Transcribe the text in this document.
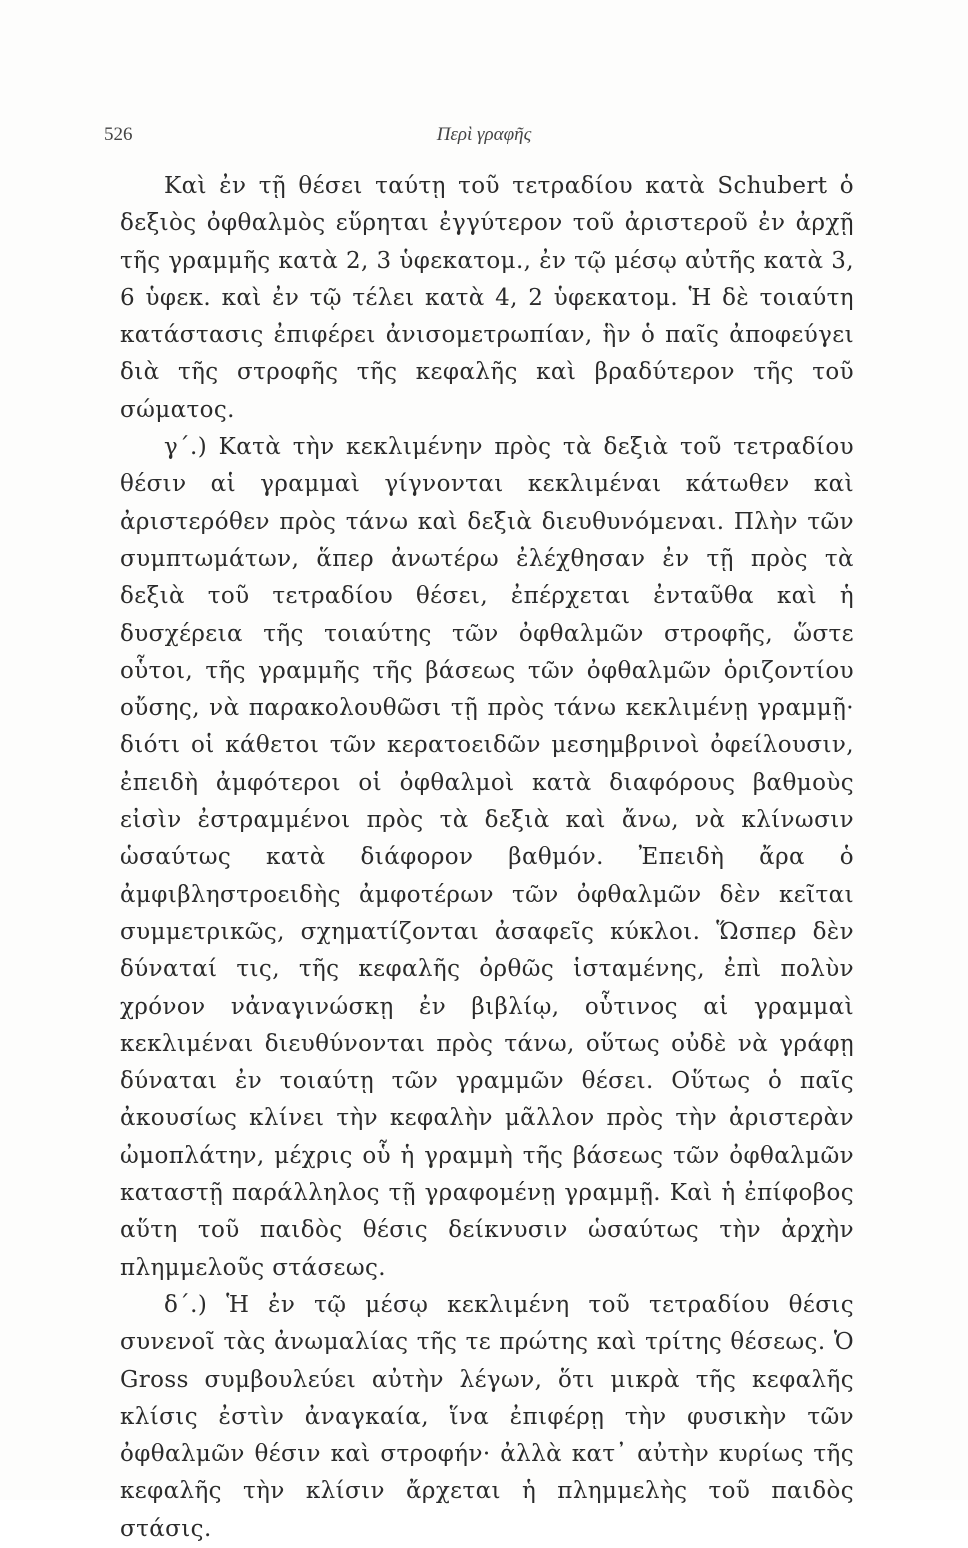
526	Περὶ γραφῆς

Καὶ ἐν τῇ θέσει ταύτῃ τοῦ τετραδίου κατὰ Schubert ὁ δεξιὸς ὀφθαλμὸς εὕρηται ἐγγύτερον τοῦ ἀριστεροῦ ἐν ἀρχῇ τῆς γραμμῆς κατὰ 2, 3 ὑφεκατομ., ἐν τῷ μέσῳ αὐτῆς κατὰ 3, 6 ὑφεκ. καὶ ἐν τῷ τέλει κατὰ 4, 2 ὑφεκατομ. Ἡ δὲ τοιαύτη κατάστασις ἐπιφέρει ἀνισομετρωπίαν, ἣν ὁ παῖς ἀποφεύγει διὰ τῆς στροφῆς τῆς κεφαλῆς καὶ βραδύτερον τῆς τοῦ σώματος.

γ΄.) Κατὰ τὴν κεκλιμένην πρὸς τὰ δεξιὰ τοῦ τετραδίου θέσιν αἱ γραμμαὶ γίγνονται κεκλιμέναι κάτωθεν καὶ ἀριστερόθεν πρὸς τάνω καὶ δεξιὰ διευθυνόμεναι. Πλὴν τῶν συμπτωμάτων, ἅπερ ἀνωτέρω ἐλέχθησαν ἐν τῇ πρὸς τὰ δεξιὰ τοῦ τετραδίου θέσει, ἐπέρχεται ἐνταῦθα καὶ ἡ δυσχέρεια τῆς τοιαύτης τῶν ὀφθαλμῶν στροφῆς, ὥστε οὗτοι, τῆς γραμμῆς τῆς βάσεως τῶν ὀφθαλμῶν ὁριζοντίου οὔσης, νὰ παρακολουθῶσι τῇ πρὸς τάνω κεκλιμένῃ γραμμῇ· διότι οἱ κάθετοι τῶν κερατοειδῶν μεσημβρινοὶ ὀφείλουσιν, ἐπειδὴ ἀμφότεροι οἱ ὀφθαλμοὶ κατὰ διαφόρους βαθμοὺς εἰσὶν ἐστραμμένοι πρὸς τὰ δεξιὰ καὶ ἄνω, νὰ κλίνωσιν ὡσαύτως κατὰ διάφορον βαθμόν. Ἐπειδὴ ἄρα ὁ ἀμφιβληστροειδὴς ἀμφοτέρων τῶν ὀφθαλμῶν δὲν κεῖται συμμετρικῶς, σχηματίζονται ἀσαφεῖς κύκλοι. Ὥσπερ δὲν δύναταί τις, τῆς κεφαλῆς ὀρθῶς ἱσταμένης, ἐπὶ πολὺν χρόνον νἀναγινώσκῃ ἐν βιβλίῳ, οὗτινος αἱ γραμμαὶ κεκλιμέναι διευθύνονται πρὸς τάνω, οὕτως οὐδὲ νὰ γράφῃ δύναται ἐν τοιαύτῃ τῶν γραμμῶν θέσει. Οὕτως ὁ παῖς ἀκουσίως κλίνει τὴν κεφαλὴν μᾶλλον πρὸς τὴν ἀριστερὰν ὠμοπλάτην, μέχρις οὗ ἡ γραμμὴ τῆς βάσεως τῶν ὀφθαλμῶν καταστῇ παράλληλος τῇ γραφομένῃ γραμμῇ. Καὶ ἡ ἐπίφοβος αὕτη τοῦ παιδὸς θέσις δείκνυσιν ὡσαύτως τὴν ἀρχὴν πλημμελοῦς στάσεως.

δ΄.) Ἡ ἐν τῷ μέσῳ κεκλιμένη τοῦ τετραδίου θέσις συνενοῖ τὰς ἀνωμαλίας τῆς τε πρώτης καὶ τρίτης θέσεως. Ὁ Gross συμβουλεύει αὐτὴν λέγων, ὅτι μικρὰ τῆς κεφαλῆς κλίσις ἐστὶν ἀναγκαία, ἵνα ἐπιφέρῃ τὴν φυσικὴν τῶν ὀφθαλμῶν θέσιν καὶ στροφήν· ἀλλὰ κατ᾽ αὐτὴν κυρίως τῆς κεφαλῆς τὴν κλίσιν ἄρχεται ἡ πλημμελὴς τοῦ παιδὸς στάσις.
